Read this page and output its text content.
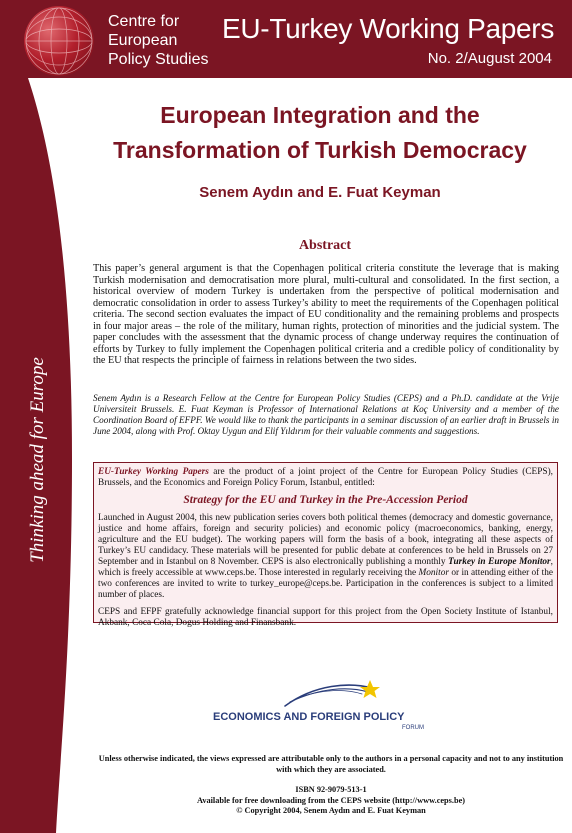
Centre for
European
Policy Studies
EU-Turkey Working Papers
No. 2/August 2004
Thinking ahead for Europe
European Integration and the
Transformation of Turkish Democracy
Senem Aydın and E. Fuat Keyman
Abstract
This paper’s general argument is that the Copenhagen political criteria constitute the leverage that is making Turkish modernisation and democratisation more plural, multi-cultural and consolidated. In the first section, a historical overview of modern Turkey is undertaken from the perspective of political modernisation and democratic consolidation in order to assess Turkey’s ability to meet the requirements of the Copenhagen political criteria. The second section evaluates the impact of EU conditionality and the remaining problems and prospects in four major areas – the role of the military, human rights, protection of minorities and the judicial system. The paper concludes with the assessment that the dynamic process of change underway requires the continuation of efforts by Turkey to fully implement the Copenhagen political criteria and a credible policy of conditionality by the EU that respects the principle of fairness in relations between the two sides.
Senem Aydın is a Research Fellow at the Centre for European Policy Studies (CEPS) and a Ph.D. candidate at the Vrije Universiteit Brussels. E. Fuat Keyman is Professor of International Relations at Koç University and a member of the Coordination Board of EFPF. We would like to thank the participants in a seminar discussion of an earlier draft in Brussels in June 2004, along with Prof. Oktay Uygun and Elif Yıldırım for their valuable comments and suggestions.

EU-Turkey Working Papers are the product of a joint project of the Centre for European Policy Studies (CEPS), Brussels, and the Economics and Foreign Policy Forum, Istanbul, entitled:

Strategy for the EU and Turkey in the Pre-Accession Period

Launched in August 2004, this new publication series covers both political themes (democracy and domestic governance, justice and home affairs, foreign and security policies) and economic policy (macroeconomics, banking, energy, agriculture and the EU budget). The working papers will form the basis of a book, integrating all these aspects of Turkey’s EU candidacy. These materials will be presented for public debate at conferences to be held in Brussels on 27 September and in Istanbul on 8 November. CEPS is also electronically publishing a monthly Turkey in Europe Monitor, which is freely accessible at www.ceps.be. Those interested in regularly receiving the Monitor or in attending either of the two conferences are invited to write to turkey_europe@ceps.be. Participation in the conferences is subject to a limited number of places.

CEPS and EFPF gratefully acknowledge financial support for this project from the Open Society Institute of Istanbul, Akbank, Coca Cola, Dogus Holding and Finansbank.

ECONOMICS AND FOREIGN POLICY
FORUM
Unless otherwise indicated, the views expressed are attributable only to the authors in a personal capacity and not to any institution with which they are associated.
ISBN 92-9079-513-1
Available for free downloading from the CEPS website (http://www.ceps.be)
© Copyright 2004, Senem Aydın and E. Fuat Keyman
